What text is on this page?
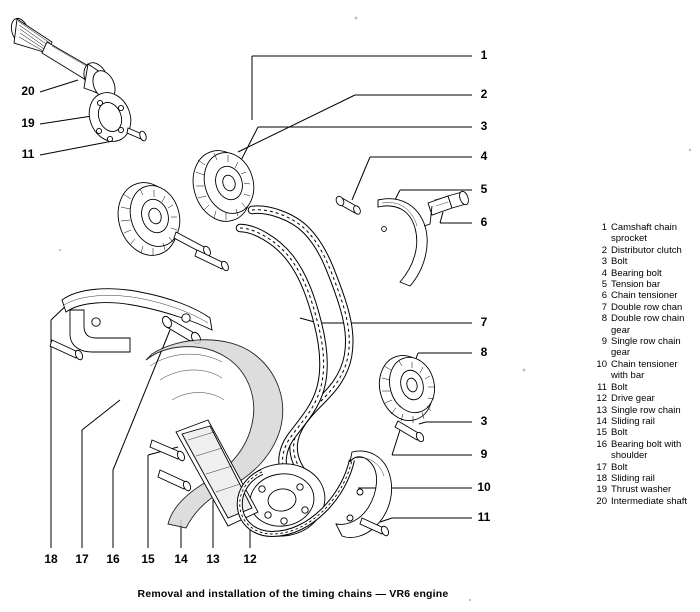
1
2
3
4
5
6
7
8
3
9
10
11
20
19
11
18 17 16 15 14 13 12
1 Camshaft chain sprocket
2 Distributor clutch
3 Bolt
4 Bearing bolt
5 Tension bar
6 Chain tensioner
7 Double row chan
8 Double row chain gear
9 Single row chain gear
10 Chain tensioner with bar
11 Bolt
12 Drive gear
13 Single row chain
14 Sliding rail
15 Bolt
16 Bearing bolt with shoulder
17 Bolt
18 Sliding rail
19 Thrust washer
20 Intermediate shaft
Removal and installation of the timing chains — VR6 engine
